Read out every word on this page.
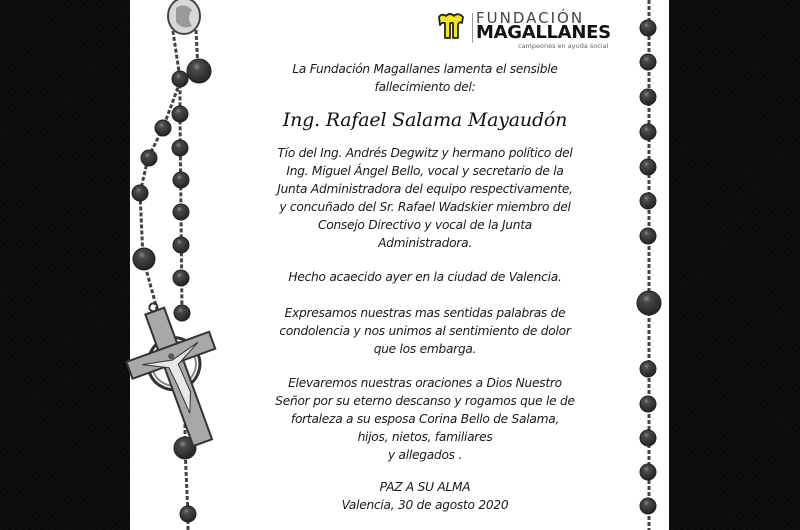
FUNDACIÓN
MAGALLANES
campeones en ayuda social

La Fundación Magallanes lamenta el sensible

fallecimiento del:

Ing. Rafael Salama Mayaudón

Tío del Ing. Andrés Degwitz y hermano político del

Ing. Miguel Ángel Bello, vocal y secretario de la

Junta Administradora del equipo respectivamente,

y concuñado del Sr. Rafael Wadskier miembro del

Consejo Directivo y vocal de la Junta

Administradora.

Hecho acaecido ayer en la ciudad de Valencia.

Expresamos nuestras mas sentidas palabras de

condolencia y nos unimos al sentimiento de dolor

que los embarga.

Elevaremos nuestras oraciones a Dios Nuestro

Señor por su eterno descanso y rogamos que le de

fortaleza a su esposa Corina Bello de Salama,

hijos, nietos, familiares

y allegados .

PAZ A SU ALMA

Valencia, 30 de agosto 2020
